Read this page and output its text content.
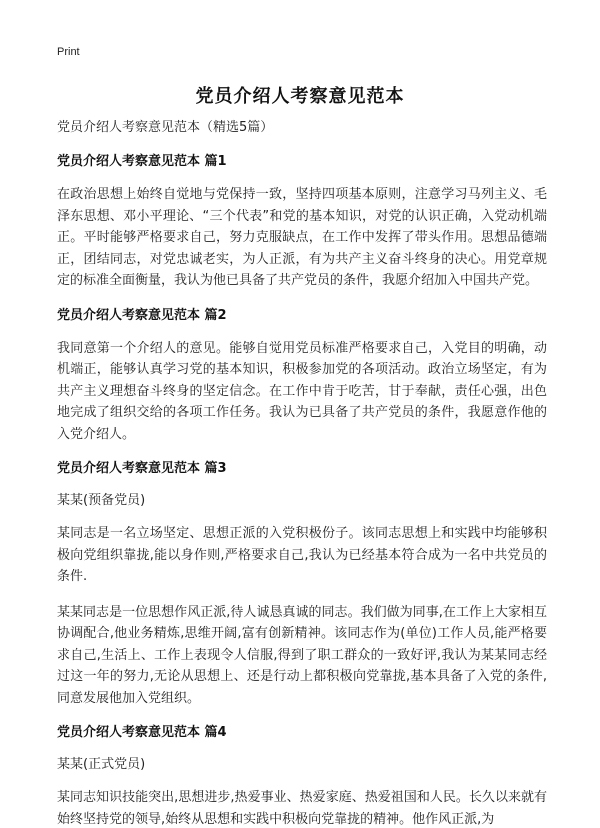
Print
党员介绍人考察意见范本

党员介绍人考察意见范本（精选5篇）

党员介绍人考察意见范本 篇1

在政治思想上始终自觉地与党保持一致，坚持四项基本原则，注意学习马列主义、毛泽东思想、邓小平理论、“三个代表”和党的基本知识，对党的认识正确，入党动机端正。平时能够严格要求自己，努力克服缺点，在工作中发挥了带头作用。思想品德端正，团结同志，对党忠诚老实，为人正派，有为共产主义奋斗终身的决心。用党章规定的标准全面衡量，我认为他已具备了共产党员的条件，我愿介绍加入中国共产党。

党员介绍人考察意见范本 篇2

我同意第一个介绍人的意见。能够自觉用党员标准严格要求自己，入党目的明确，动机端正，能够认真学习党的基本知识，积极参加党的各项活动。政治立场坚定，有为共产主义理想奋斗终身的坚定信念。在工作中肯于吃苦，甘于奉献，责任心强，出色地完成了组织交给的各项工作任务。我认为已具备了共产党员的条件，我愿意作他的入党介绍人。

党员介绍人考察意见范本 篇3

某某(预备党员)

某同志是一名立场坚定、思想正派的入党积极份子。该同志思想上和实践中均能够积极向党组织靠拢,能以身作则,严格要求自己,我认为已经基本符合成为一名中共党员的条件.

某某同志是一位思想作风正派,待人诚恳真诚的同志。我们做为同事,在工作上大家相互协调配合,他业务精炼,思维开阔,富有创新精神。该同志作为(单位)工作人员,能严格要求自己,生活上、工作上表现令人信服,得到了职工群众的一致好评,我认为某某同志经过这一年的努力,无论从思想上、还是行动上都积极向党靠拢,基本具备了入党的条件,同意发展他加入党组织。

党员介绍人考察意见范本 篇4

某某(正式党员)

某同志知识技能突出,思想进步,热爱事业、热爱家庭、热爱祖国和人民。长久以来就有始终坚持党的领导,始终从思想和实践中积极向党靠拢的精神。他作风正派,为
